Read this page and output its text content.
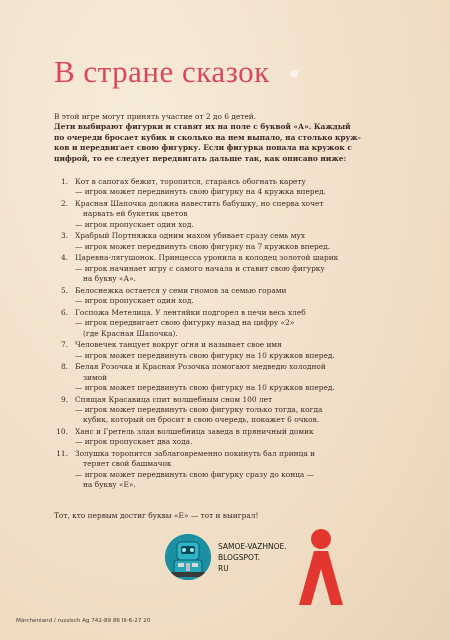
В стране сказок

В этой игре могут принять участие от 2 до 6 детей.

Дети выбирают фигурки и ставят их на поле с буквой «А». Каждый

по очереди бросает кубик и сколько на нем выпало, на столько круж-

ков и передвигает свою фигурку. Если фигурка попала на кружок с

цифрой, то ее следует передвигать дальше так, как описано ниже:

1. Кот в сапогах бежит, торопится, стараясь обогнать карету
— игрок может передвинуть свою фигурку на 4 кружка вперед.
2. Красная Шапочка должна навестить бабушку, но сперва хочет
нарвать ей букетик цветов
— игрок пропускает один ход.
3. Храбрый Портняжка одним махом убивает сразу семь мух
— игрок может передвинуть свою фигурку на 7 кружков вперед.
4. Царевна-лягушонок. Принцесса уронила в колодец золотой шарик
— игрок начинает игру с самого начала и ставит свою фигурку
на букву «А».
5. Белоснежка остается у семи гномов за семью горами
— игрок пропускает один ход.
6. Госпожа Метелица. У лентяйки подгорел в печи весь хлеб
— игрок передвигает свою фигурку назад на цифру «2»
(где Красная Шапочка).
7. Человечек танцует вокруг огня и называет свое имя
— игрок может передвинуть свою фигурку на 10 кружков вперед.
8. Белая Розочка и Красная Розочка помогают медведю холодной
зимой
— игрок может передвинуть свою фигурку на 10 кружков вперед.
9. Спящая Красавица спит волшебным сном 100 лет
— игрок может передвинуть свою фигурку только тогда, когда
кубик, который он бросит в свою очередь, покажет 6 очков.
10. Ханс и Гретель злая волшебница заведа в пряничный домик
— игрок пропускает два хода.
11. Золушка торопится заблаговременно покинуть бал принца и
теряет свой башмачок
— игрок может передвинуть свою фигурку сразу до конца —
на букву «Е».
Тот, кто первым достиг буквы «Е» — тот и выиграл!
SAMOE-VAZHNOE.
BLOGSPOT.
RU
Märchenland / russisch Ag 742-89 86 III-6-27 20
